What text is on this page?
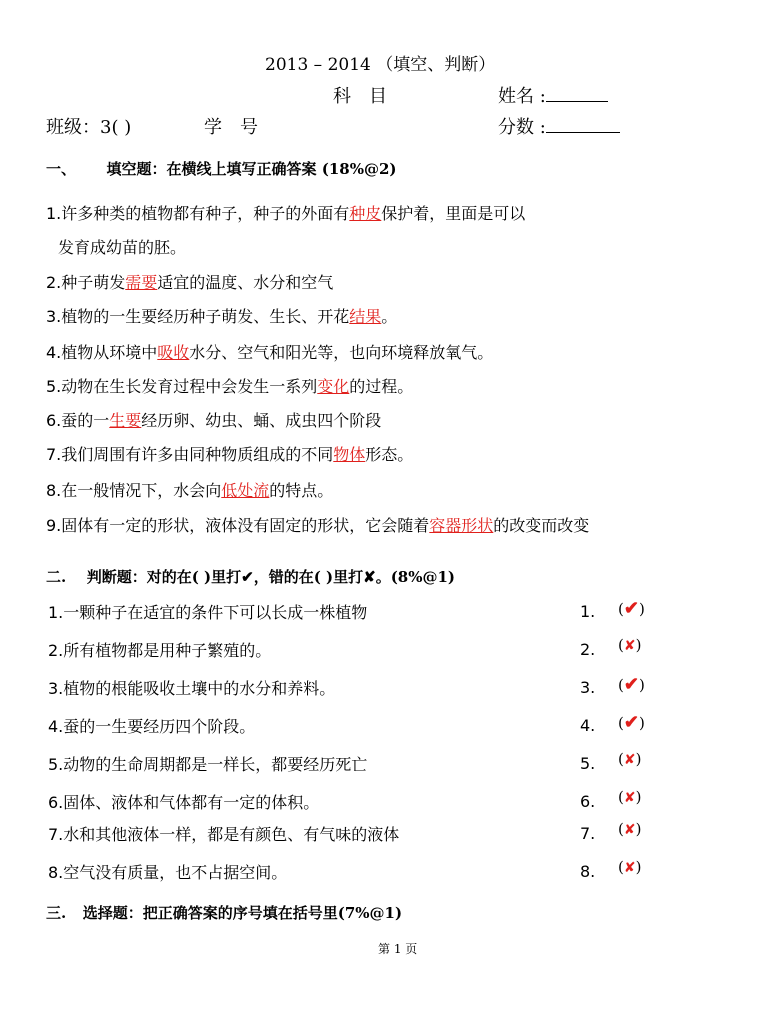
2013 – 2014 （填空、判断）
科　目	姓名 :
班级：3( )	学　号	分数 :
一、 填空题：在横线上填写正确答案 (18%@2)
1.许多种类的植物都有种子，种子的外面有种皮保护着，里面是可以
发育成幼苗的胚。
2.种子萌发需要适宜的温度、水分和空气
3.植物的一生要经历种子萌发、生长、开花结果。
4.植物从环境中吸收水分、空气和阳光等，也向环境释放氧气。
5.动物在生长发育过程中会发生一系列变化的过程。
6.蚕的一生要经历卵、幼虫、蛹、成虫四个阶段
7.我们周围有许多由同种物质组成的不同物体形态。
8.在一般情况下，水会向低处流的特点。
9.固体有一定的形状，液体没有固定的形状，它会随着容器形状的改变而改变
二. 判断题：对的在( )里打✔，错的在( )里打✘。(8%@1)
1.一颗种子在适宜的条件下可以长成一株植物	1. (✔)
2.所有植物都是用种子繁殖的。	2. (✘)
3.植物的根能吸收土壤中的水分和养料。	3. (✔)
4.蚕的一生要经历四个阶段。	4. (✔)
5.动物的生命周期都是一样长，都要经历死亡	5. (✘)
6.固体、液体和气体都有一定的体积。	6. (✘)
7.水和其他液体一样，都是有颜色、有气味的液体	7. (✘)
8.空气没有质量，也不占据空间。	8. (✘)
三. 选择题：把正确答案的序号填在括号里(7%@1)
第 1 页
